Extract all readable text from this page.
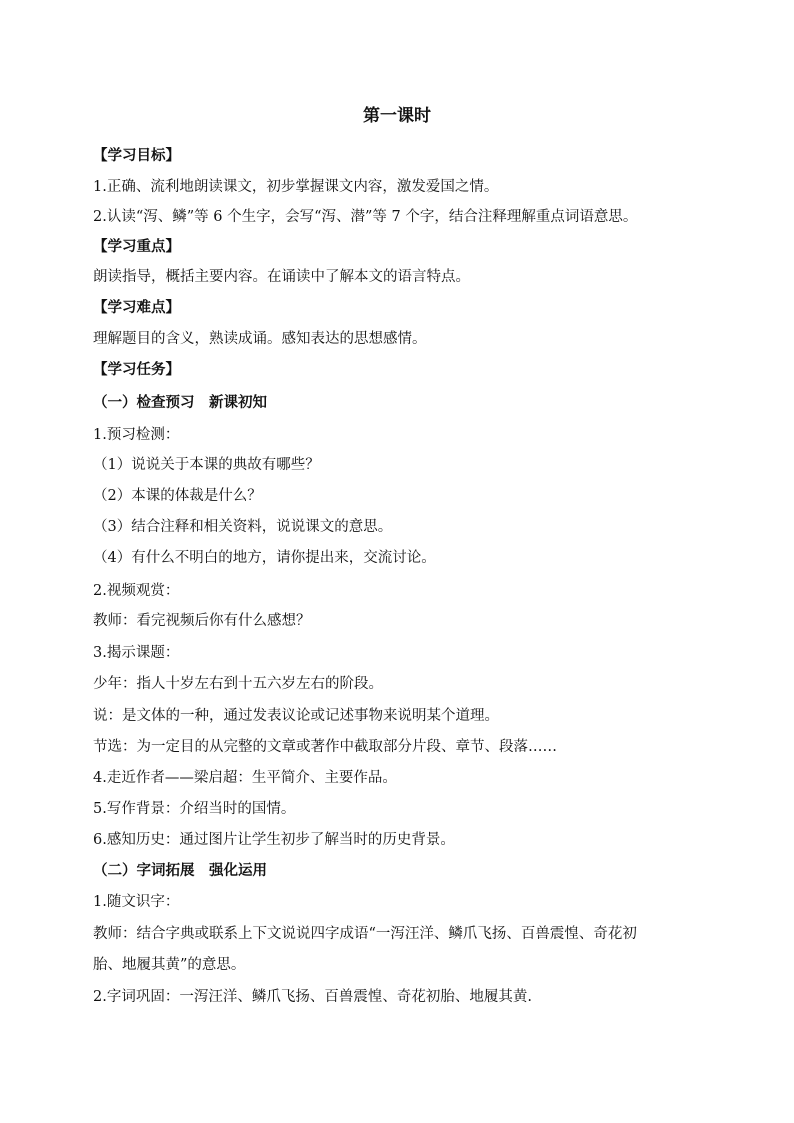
第一课时
【学习目标】
1.正确、流利地朗读课文，初步掌握课文内容，激发爱国之情。
2.认读“泻、鳞”等 6 个生字，会写“泻、潜”等 7 个字，结合注释理解重点词语意思。
【学习重点】
朗读指导，概括主要内容。在诵读中了解本文的语言特点。
【学习难点】
理解题目的含义，熟读成诵。感知表达的思想感情。
【学习任务】
（一）检查预习　新课初知
1.预习检测：
（1）说说关于本课的典故有哪些？
（2）本课的体裁是什么？
（3）结合注释和相关资料，说说课文的意思。
（4）有什么不明白的地方，请你提出来，交流讨论。
2.视频观赏：
教师：看完视频后你有什么感想？
3.揭示课题：
少年：指人十岁左右到十五六岁左右的阶段。
说：是文体的一种，通过发表议论或记述事物来说明某个道理。
节选：为一定目的从完整的文章或著作中截取部分片段、章节、段落……
4.走近作者——梁启超：生平简介、主要作品。
5.写作背景：介绍当时的国情。
6.感知历史：通过图片让学生初步了解当时的历史背景。
（二）字词拓展　强化运用
1.随文识字：
教师：结合字典或联系上下文说说四字成语“一泻汪洋、鳞爪飞扬、百兽震惶、奇花初
胎、地履其黄”的意思。
2.字词巩固：一泻汪洋、鳞爪飞扬、百兽震惶、奇花初胎、地履其黄.
